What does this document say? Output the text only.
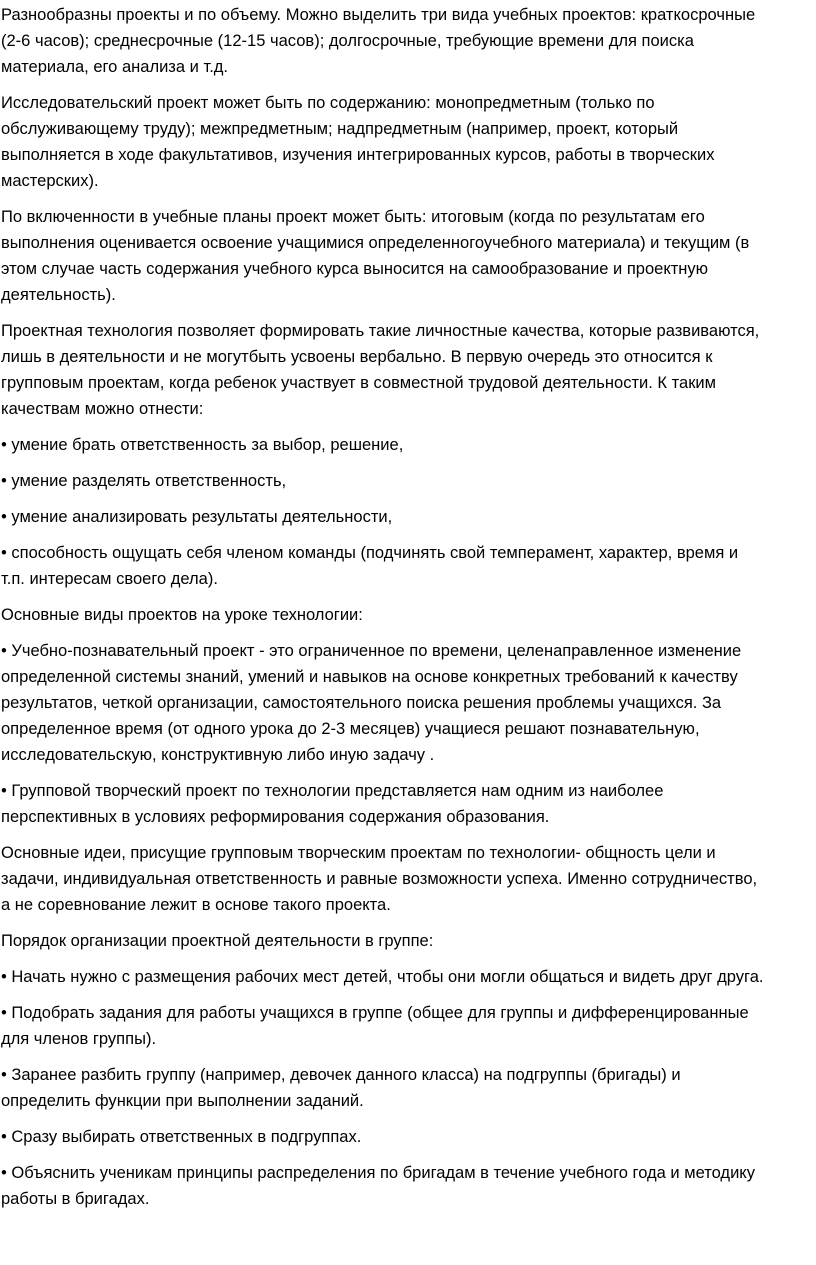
Разнообразны проекты и по объему. Можно выделить три вида учебных проектов: краткосрочные
(2-6 часов); среднесрочные (12-15 часов); долгосрочные, требующие времени для поиска
материала, его анализа и т.д.

Исследовательский проект может быть по содержанию: монопредметным (только по
обслуживающему труду); межпредметным; надпредметным (например, проект, который
выполняется в ходе факультативов, изучения интегрированных курсов, работы в творческих
мастерских).

По включенности в учебные планы проект может быть: итоговым (когда по результатам его
выполнения оценивается освоение учащимися определенногоучебного материала) и текущим (в
этом случае часть содержания учебного курса выносится на самообразование и проектную
деятельность).

Проектная технология позволяет формировать такие личностные качества, которые развиваются,
лишь в деятельности и не могутбыть усвоены вербально. В первую очередь это относится к
групповым проектам, когда ребенок участвует в совместной трудовой деятельности. К таким
качествам можно отнести:

• умение брать ответственность за выбор, решение,

• умение разделять ответственность,

• умение анализировать результаты деятельности,

• способность ощущать себя членом команды (подчинять свой темперамент, характер, время и
т.п. интересам своего дела).

Основные виды проектов на уроке технологии:

• Учебно-познавательный проект - это ограниченное по времени, целенаправленное изменение
определенной системы знаний, умений и навыков на основе конкретных требований к качеству
результатов, четкой организации, самостоятельного поиска решения проблемы учащихся. За
определенное время (от одного урока до 2-3 месяцев) учащиеся решают познавательную,
исследовательскую, конструктивную либо иную задачу .

• Групповой творческий проект по технологии представляется нам одним из наиболее
перспективных в условиях реформирования содержания образования.

Основные идеи, присущие групповым творческим проектам по технологии- общность цели и
задачи, индивидуальная ответственность и равные возможности успеха. Именно сотрудничество,
а не соревнование лежит в основе такого проекта.

Порядок организации проектной деятельности в группе:

• Начать нужно с размещения рабочих мест детей, чтобы они могли общаться и видеть друг друга.

• Подобрать задания для работы учащихся в группе (общее для группы и дифференцированные
для членов группы).

• Заранее разбить группу (например, девочек данного класса) на подгруппы (бригады) и
определить функции при выполнении заданий.

• Сразу выбирать ответственных в подгруппах.

• Объяснить ученикам принципы распределения по бригадам в течение учебного года и методику
работы в бригадах.
